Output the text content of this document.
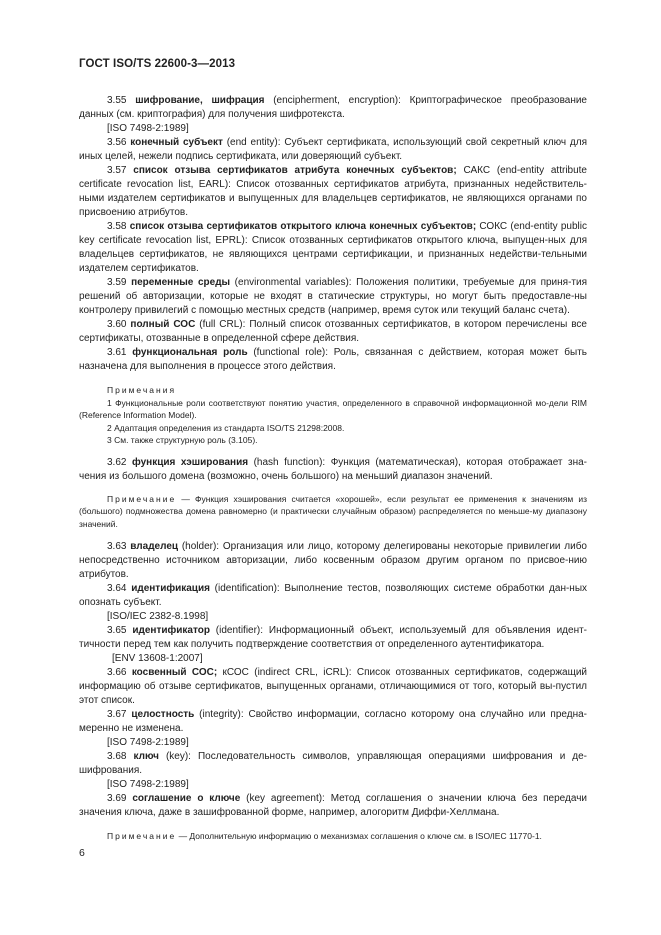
ГОСТ ISO/TS 22600-3—2013

3.55 шифрование, шифрация (encipherment, encryption): Криптографическое преобразование данных (см. криптография) для получения шифротекста.

[ISO 7498-2:1989]

3.56 конечный субъект (end entity): Субъект сертификата, использующий свой секретный ключ для иных целей, нежели подпись сертификата, или доверяющий субъект.

3.57 список отзыва сертификатов атрибута конечных субъектов; САКС (end-entity attribute certificate revocation list, EARL): Список отозванных сертификатов атрибута, признанных недействитель-ными издателем сертификатов и выпущенных для владельцев сертификатов, не являющихся органами по присвоению атрибутов.

3.58 список отзыва сертификатов открытого ключа конечных субъектов; СОКС (end-entity public key certificate revocation list, EPRL): Список отозванных сертификатов открытого ключа, выпущен-ных для владельцев сертификатов, не являющихся центрами сертификации, и признанных недействи-тельными издателем сертификатов.

3.59 переменные среды (environmental variables): Положения политики, требуемые для приня-тия решений об авторизации, которые не входят в статические структуры, но могут быть предоставле-ны контролеру привилегий с помощью местных средств (например, время суток или текущий баланс счета).

3.60 полный СОС (full CRL): Полный список отозванных сертификатов, в котором перечислены все сертификаты, отозванные в определенной сфере действия.

3.61 функциональная роль (functional role): Роль, связанная с действием, которая может быть назначена для выполнения в процессе этого действия.

Примечания

1 Функциональные роли соответствуют понятию участия, определенного в справочной информационной мо-дели RIM (Reference Information Model).

2 Адаптация определения из стандарта ISO/TS 21298:2008.

3 См. также структурную роль (3.105).

3.62 функция хэширования (hash function): Функция (математическая), которая отображает зна-чения из большого домена (возможно, очень большого) на меньший диапазон значений.

Примечание — Функция хэширования считается «хорошей», если результат ее применения к значениям из (большого) подмножества домена равномерно (и практически случайным образом) распределяется по меньше-му диапазону значений.

3.63 владелец (holder): Организация или лицо, которому делегированы некоторые привилегии либо непосредственно источником авторизации, либо косвенным образом другим органом по присвое-нию атрибутов.

3.64 идентификация (identification): Выполнение тестов, позволяющих системе обработки дан-ных опознать субъект.

[ISO/IEC 2382-8.1998]

3.65 идентификатор (identifier): Информационный объект, используемый для объявления идент-тичности перед тем как получить подтверждение соответствия от определенного аутентификатора.

[ENV 13608-1:2007]

3.66 косвенный СОС; кСОС (indirect CRL, iCRL): Список отозванных сертификатов, содержащий информацию об отзыве сертификатов, выпущенных органами, отличающимися от того, который вы-пустил этот список.

3.67 целостность (integrity): Свойство информации, согласно которому она случайно или предна-меренно не изменена.

[ISO 7498-2:1989]

3.68 ключ (key): Последовательность символов, управляющая операциями шифрования и де-шифрования.

[ISO 7498-2:1989]

3.69 соглашение о ключе (key agreement): Метод соглашения о значении ключа без передачи значения ключа, даже в зашифрованной форме, например, алогоритм Диффи-Хеллмана.

Примечание — Дополнительную информацию о механизмах соглашения о ключе см. в ISO/IEC 11770-1.

6
